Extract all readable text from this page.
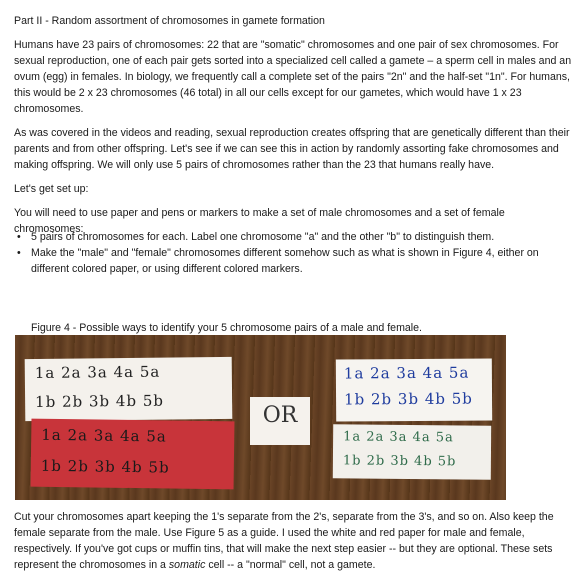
Part II - Random assortment of chromosomes in gamete formation

Humans have 23 pairs of chromosomes: 22 that are "somatic" chromosomes and one pair of sex chromosomes. For sexual reproduction, one of each pair gets sorted into a specialized cell called a gamete – a sperm cell in males and an ovum (egg) in females. In biology, we frequently call a complete set of the pairs "2n" and the half-set "1n". For humans, this would be 2 x 23 chromosomes (46 total) in all our cells except for our gametes, which would have 1 x 23 chromosomes.

As was covered in the videos and reading, sexual reproduction creates offspring that are genetically different than their parents and from other offspring. Let's see if we can see this in action by randomly assorting fake chromosomes and making offspring. We will only use 5 pairs of chromosomes rather than the 23 that humans really have.

Let's get set up:

You will need to use paper and pens or markers to make a set of male chromosomes and a set of female chromosomes:

• 5 pairs of chromosomes for each. Label one chromosome "a" and the other "b" to distinguish them.
• Make the "male" and "female" chromosomes different somehow such as what is shown in Figure 4, either on different colored paper, or using different colored markers.

Figure 4 - Possible ways to identify your 5 chromosome pairs of a male and female.

1a 2a 3a 4a 5a
1b 2b 3b 4b 5b
1a 2a 3a 4a 5a
1b 2b 3b 4b 5b
OR
1a 2a 3a 4a 5a
1b 2b 3b 4b 5b
1a 2a 3a 4a 5a
1b 2b 3b 4b 5b

Cut your chromosomes apart keeping the 1's separate from the 2's, separate from the 3's, and so on. Also keep the female separate from the male. Use Figure 5 as a guide. I used the white and red paper for male and female, respectively. If you've got cups or muffin tins, that will make the next step easier -- but they are optional. These sets represent the chromosomes in a somatic cell -- a "normal" cell, not a gamete.
